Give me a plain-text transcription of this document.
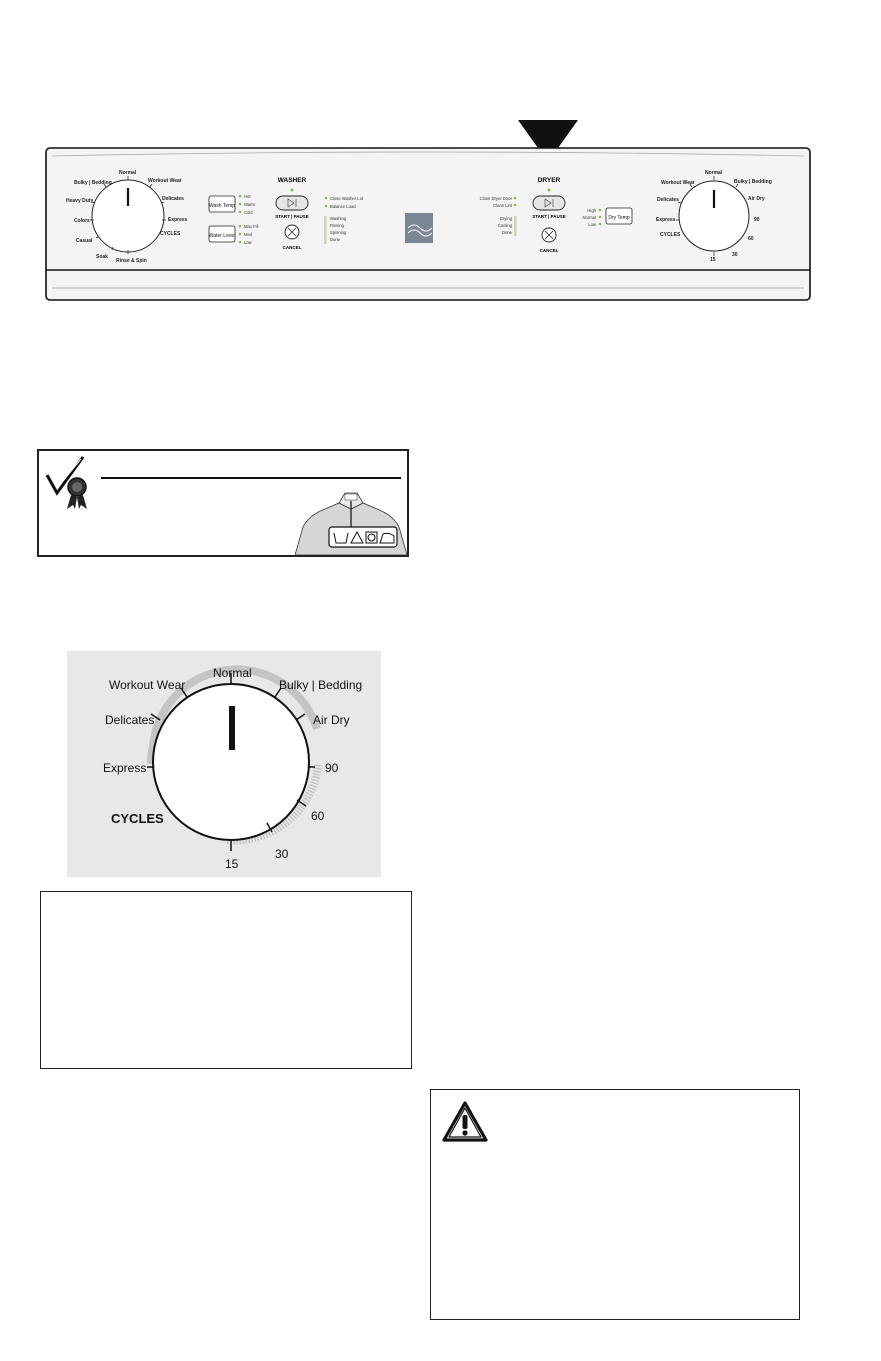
Normal
Workout Wear
Delicates
Express
CYCLES
Rinse & Spin
Soak
Casual
Colors
Heavy Duty
Bulky | Bedding
Wash Temp
Hot
Warm
Cold
Water Level
Max Fill
Med
Low
WASHER
START | PAUSE
CANCEL
Close Washer Lid
Balance Load
Washing
Rinsing
Spinning
Done
DRYER
Close Dryer Door
Clean Lint
Drying
Cooling
Done
START | PAUSE
CANCEL
High
Normal
Low
Dry Temp
Workout Wear
Normal
Bulky | Bedding
Delicates	Air Dry
Express	90
CYCLES
60
30
15
Normal
Workout Wear	Bulky | Bedding
Delicates	Air Dry
Express	90
60
30
15
CYCLES
